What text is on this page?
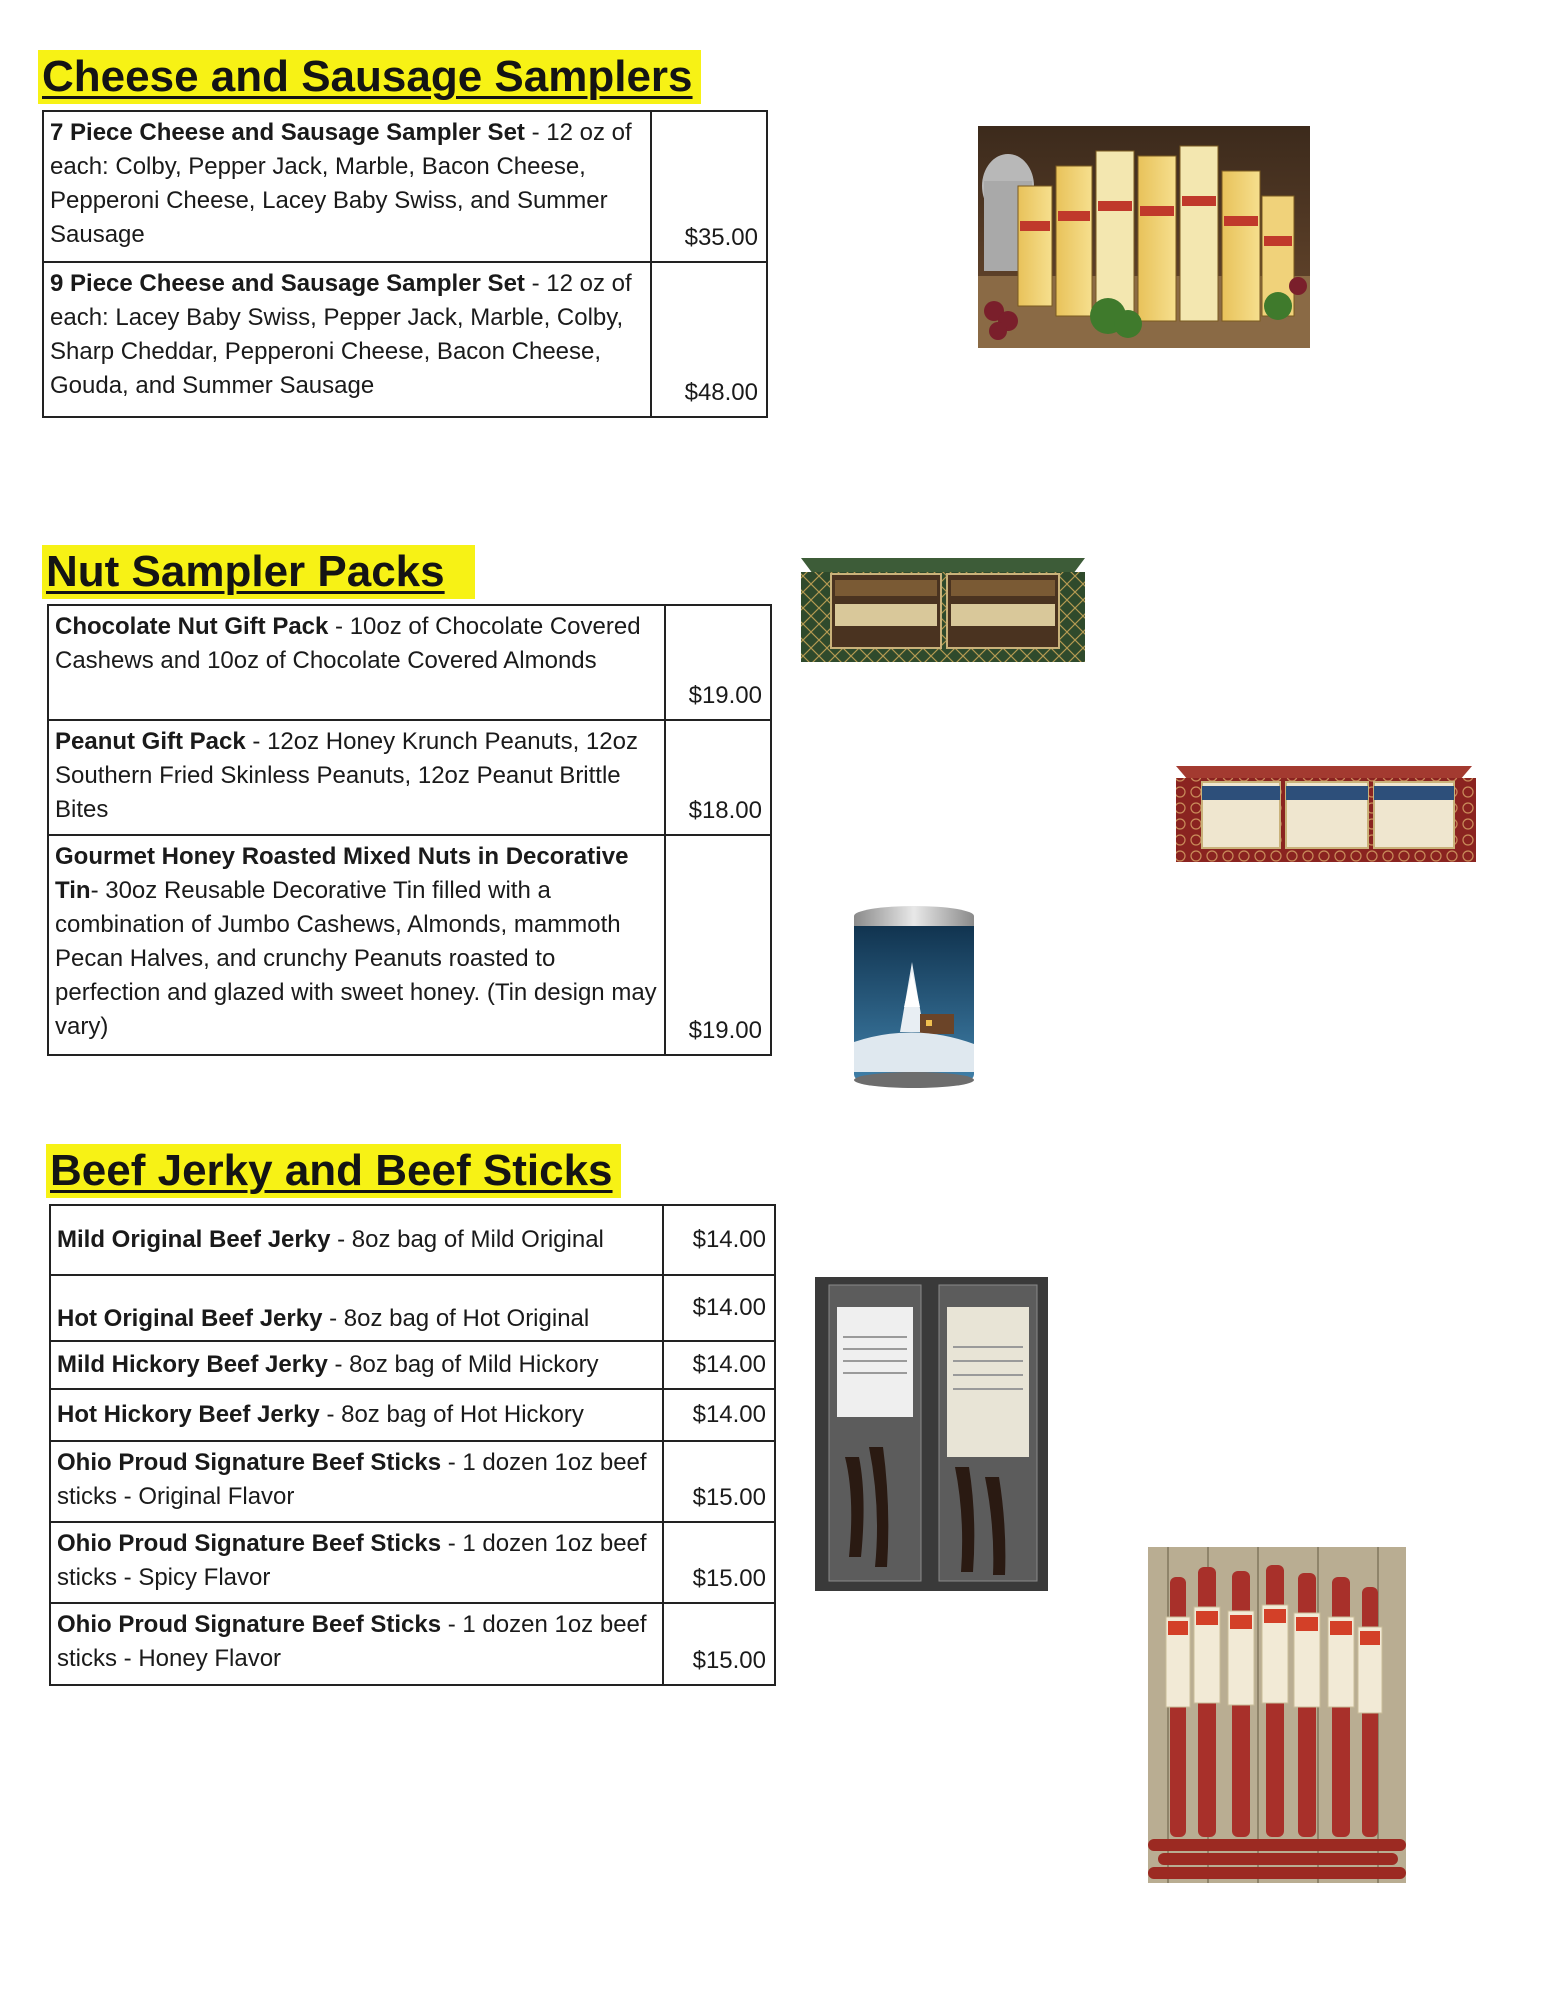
Cheese and Sausage Samplers
7 Piece Cheese and Sausage Sampler Set - 12 oz of each: Colby, Pepper Jack, Marble, Bacon Cheese, Pepperoni Cheese, Lacey Baby Swiss, and Summer Sausage	$35.00
9 Piece Cheese and Sausage Sampler Set - 12 oz of each: Lacey Baby Swiss, Pepper Jack, Marble, Colby, Sharp Cheddar, Pepperoni Cheese, Bacon Cheese, Gouda, and Summer Sausage	$48.00
Nut Sampler Packs
Chocolate Nut Gift Pack - 10oz of Chocolate Covered Cashews and 10oz of Chocolate Covered Almonds	$19.00
Peanut Gift Pack - 12oz Honey Krunch Peanuts, 12oz Southern Fried Skinless Peanuts, 12oz Peanut Brittle Bites	$18.00
Gourmet Honey Roasted Mixed Nuts in Decorative Tin- 30oz Reusable Decorative Tin filled with a combination of Jumbo Cashews, Almonds, mammoth Pecan Halves, and crunchy Peanuts roasted to perfection and glazed with sweet honey. (Tin design may vary)	$19.00
Beef Jerky and Beef Sticks
Mild Original Beef Jerky - 8oz bag of Mild Original	$14.00
Hot Original Beef Jerky - 8oz bag of Hot Original	$14.00
Mild Hickory Beef Jerky - 8oz bag of Mild Hickory	$14.00
Hot Hickory Beef Jerky - 8oz bag of Hot Hickory	$14.00
Ohio Proud Signature Beef Sticks - 1 dozen 1oz beef sticks - Original Flavor	$15.00
Ohio Proud Signature Beef Sticks - 1 dozen 1oz beef sticks - Spicy Flavor	$15.00
Ohio Proud Signature Beef Sticks - 1 dozen 1oz beef sticks - Honey Flavor	$15.00
